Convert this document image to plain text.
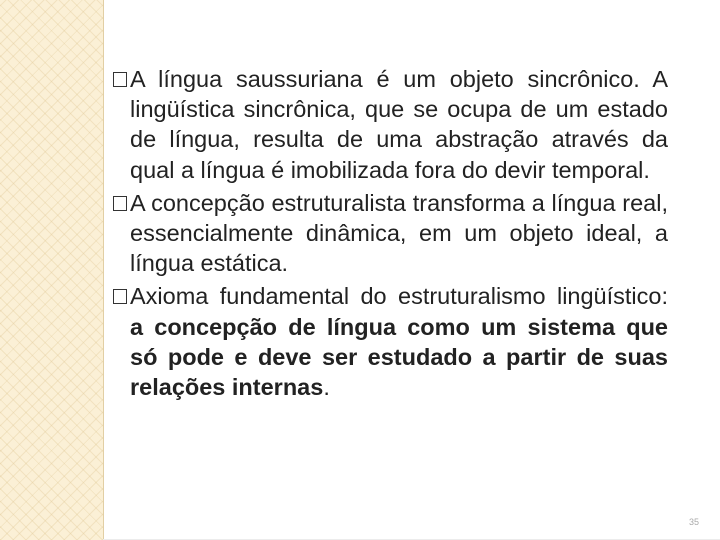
A língua saussuriana é um objeto sincrônico. A lingüística sincrônica, que se ocupa de um estado de língua, resulta de uma abstração através da qual a língua é imobilizada fora do devir temporal.
A concepção estruturalista transforma a língua real, essencialmente dinâmica, em um objeto ideal, a língua estática.
Axioma fundamental do estruturalismo lingüístico: a concepção de língua como um sistema que só pode e deve ser estudado a partir de suas relações internas.
35
